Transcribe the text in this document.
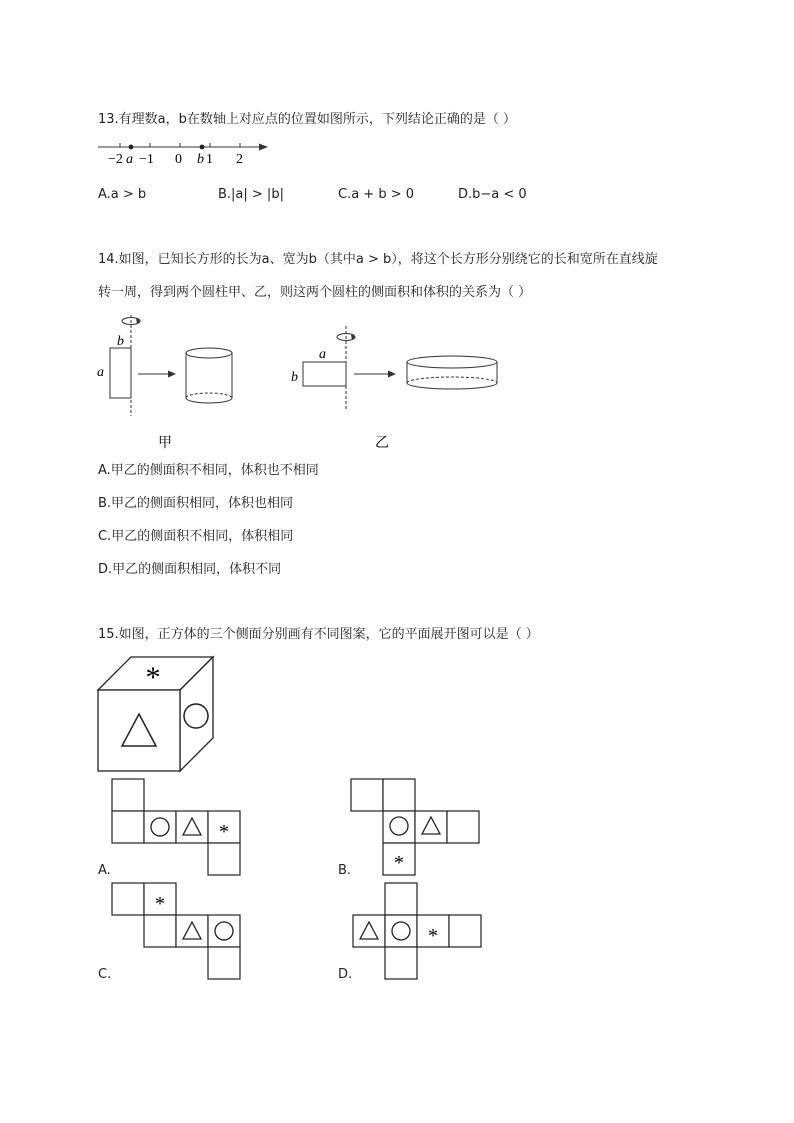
13.有理数a，b在数轴上对应点的位置如图所示，下列结论正确的是（ ）
−2 a −1 0 b 1 2
A.a > b	B.|a| > |b|	C.a + b > 0	D.b−a < 0
14.如图，已知长方形的长为a、宽为b（其中a > b），将这个长方形分别绕它的长和宽所在直线旋
转一周，得到两个圆柱甲、乙，则这两个圆柱的侧面积和体积的关系为（ ）
b
a
甲
a
b
乙
A.甲乙的侧面积不相同，体积也不相同
B.甲乙的侧面积相同，体积也相同
C.甲乙的侧面积不相同，体积相同
D.甲乙的侧面积相同，体积不同
15.如图，正方体的三个侧面分别画有不同图案，它的平面展开图可以是（ ）
*
*
*
*
*
A.	B.
C.	D.
